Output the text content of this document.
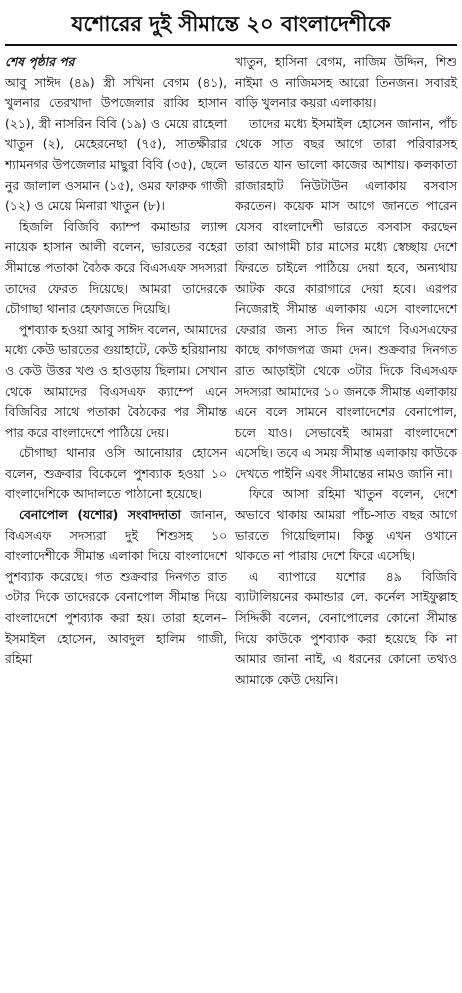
যশোরের দুই সীমান্তে ২০ বাংলাদেশীকে

শেষ পৃষ্ঠার পর

আবু সাঈদ (৪৯) স্ত্রী সখিনা বেগম (৪১), খুলনার তেরখাদা উপজেলার রাব্বি হাসান (২১), স্ত্রী নাসরিন বিবি (১৯) ও মেয়ে রাহেলা খাতুন (২), মেহেরনেছা (৭৫), সাতক্ষীরার শ্যামনগর উপজেলার মাছুরা বিবি (৩৫), ছেলে নুর জালাল ওসমান (১৫), ওমর ফারুক গাজী (১২) ও মেয়ে মিনারা খাতুন (৮)।

হিজলি বিজিবি ক্যাম্প কমান্ডার ল্যান্স নায়েক হাসান আলী বলেন, ভারতের বহেরা সীমান্তে পতাকা বৈঠক করে বিএসএফ সদস্যরা তাদের ফেরত দিয়েছে। আমরা তাদেরকে চৌগাছা থানার হেফাজতে দিয়েছি।

পুশব্যাক হওয়া আবু সাঈদ বলেন, আমাদের মধ্যে কেউ ভারতের গুয়াহাটে, কেউ হরিয়ানায় ও কেউ উত্তর খণ্ড ও হাওড়ায় ছিলাম। সেখান থেকে আমাদের বিএসএফ ক্যাম্পে এনে বিজিবির সাথে পতাকা বৈঠকের পর সীমান্ত পার করে বাংলাদেশে পাঠিয়ে দেয়।

চৌগাছা থানার ওসি আনোয়ার হোসেন বলেন, শুক্রবার বিকেলে পুশব্যাক হওয়া ১০ বাংলাদেশিকে আদালতে পাঠানো হয়েছে।

বেনাপোল (যশোর) সংবাদদাতা জানান, বিএসএফ সদস্যরা দুই শিশুসহ ১০ বাংলাদেশীকে সীমান্ত এলাকা দিয়ে বাংলাদেশে পুশব্যাক করেছে। গত শুক্রবার দিনগত রাত ৩টার দিকে তাদেরকে বেনাপোল সীমান্ত দিয়ে বাংলাদেশে পুশব্যাক করা হয়। তারা হলেন– ইসমাইল হোসেন, আবদুল হালিম গাজী, রহিমা

খাতুন, হাসিনা বেগম, নাজিম উদ্দিন, শিশু নাইমা ও নাজিমসহ আরো তিনজন। সবারই বাড়ি খুলনার কয়রা এলাকায়।

তাদের মধ্যে ইসমাইল হোসেন জানান, পাঁচ থেকে সাত বছর আগে তারা পরিবারসহ ভারতে যান ভালো কাজের আশায়। কলকাতা রাজারহাট নিউটাউন এলাকায় বসবাস করতেন। কয়েক মাস আগে জানতে পারেন যেসব বাংলাদেশী ভারতে বসবাস করছেন তারা আগামী চার মাসের মধ্যে স্বেচ্ছায় দেশে ফিরতে চাইলে পাঠিয়ে দেয়া হবে, অন্যথায় আটক করে কারাগারে দেয়া হবে। এরপর নিজেরাই সীমান্ত এলাকায় এসে বাংলাদেশে ফেরার জন্য সাত দিন আগে বিএসএফের কাছে কাগজপত্র জমা দেন। শুক্রবার দিনগত রাত আড়াইটা থেকে ৩টার দিকে বিএসএফ সদস্যরা আমাদের ১০ জনকে সীমান্ত এলাকায় এনে বলে সামনে বাংলাদেশের বেনাপোল, চলে যাও। সেভাবেই আমরা বাংলাদেশে এসেছি। তবে এ সময় সীমান্ত এলাকায় কাউকে দেখতে পাইনি এবং সীমান্তের নামও জানি না।

ফিরে আসা রহিমা খাতুন বলেন, দেশে অভাবে থাকায় আমরা পাঁচ-সাত বছর আগে ভারতে গিয়েছিলাম। কিন্তু এখন ওখানে থাকতে না পারায় দেশে ফিরে এসেছি।

এ ব্যাপারে যশোর ৪৯ বিজিবি ব্যাটালিয়নের কমান্ডার লে. কর্নেল সাইফুল্লাহ সিদ্দিকী বলেন, বেনাপোলের কোনো সীমান্ত দিয়ে কাউকে পুশব্যাক করা হয়েছে কি না আমার জানা নাই, এ ধরনের কোনো তথ্যও আমাকে কেউ দেয়নি।
